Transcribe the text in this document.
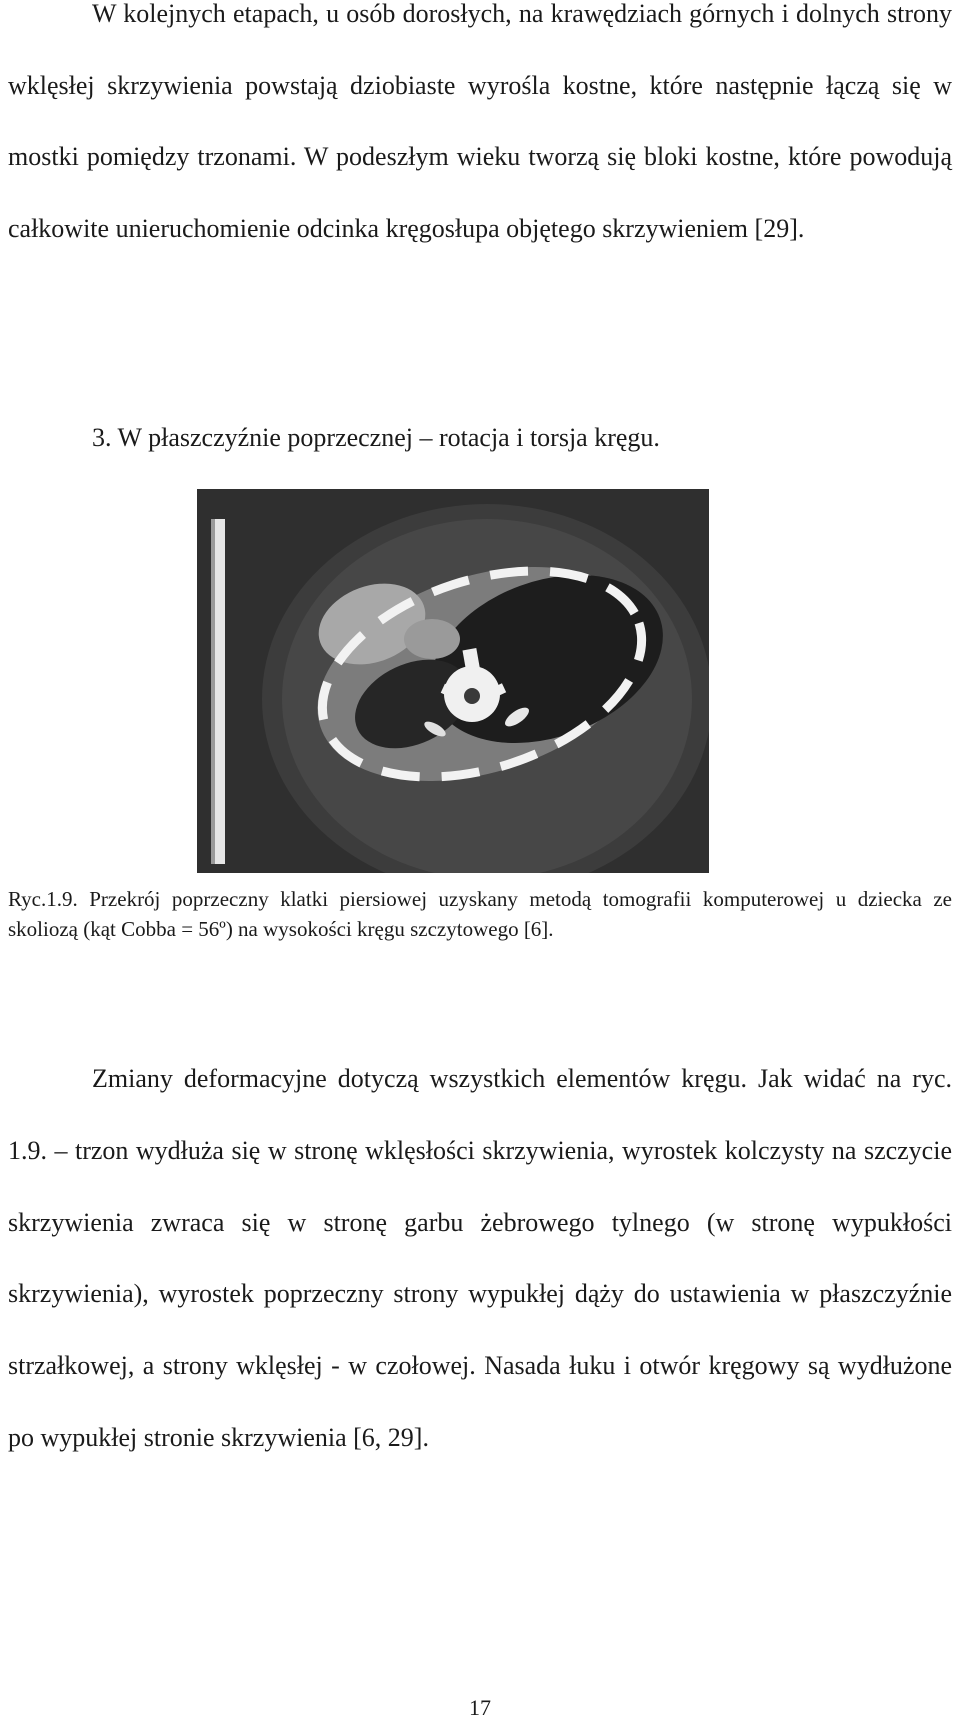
W kolejnych etapach, u osób dorosłych, na krawędziach górnych i dolnych strony wklęsłej skrzywienia powstają dziobiaste wyrośla kostne, które następnie łączą się w mostki pomiędzy trzonami. W podeszłym wieku tworzą się bloki kostne, które powodują całkowite unieruchomienie odcinka kręgosłupa objętego skrzywieniem [29].

3. W płaszczyźnie poprzecznej – rotacja i torsja kręgu.

Ryc.1.9. Przekrój poprzeczny klatki piersiowej uzyskany metodą tomografii komputerowej u dziecka ze skoliozą (kąt Cobba = 56º) na wysokości kręgu szczytowego [6].

Zmiany deformacyjne dotyczą wszystkich elementów kręgu. Jak widać na ryc. 1.9. – trzon wydłuża się w stronę wklęsłości skrzywienia, wyrostek kolczysty na szczycie skrzywienia zwraca się w stronę garbu żebrowego tylnego (w stronę wypukłości skrzywienia), wyrostek poprzeczny strony wypukłej dąży do ustawienia w płaszczyźnie strzałkowej, a strony wklęsłej - w czołowej. Nasada łuku i otwór kręgowy są wydłużone po wypukłej stronie skrzywienia [6, 29].

17
